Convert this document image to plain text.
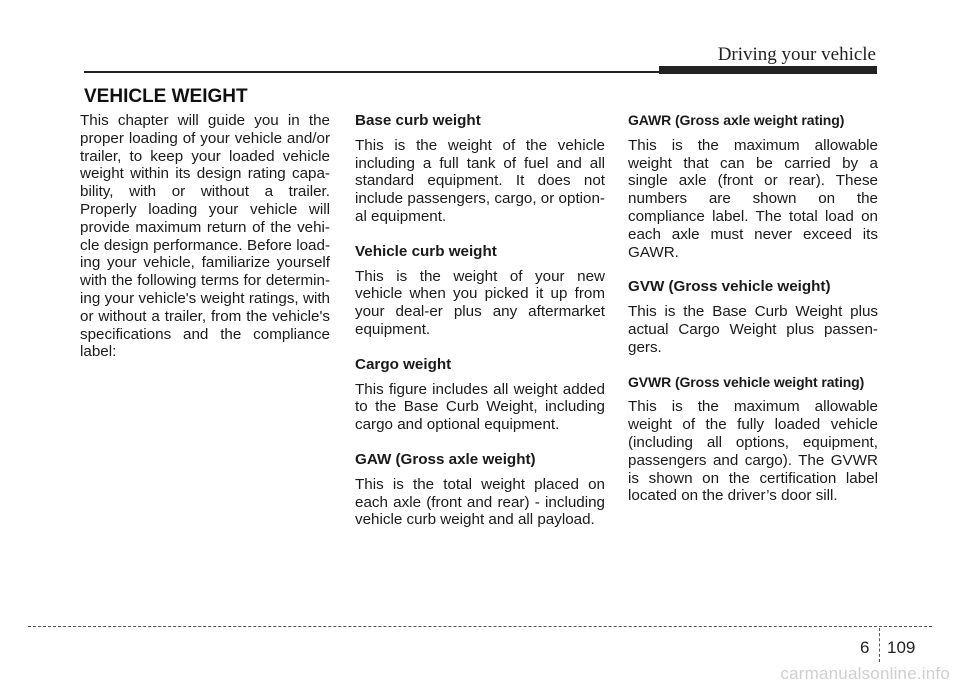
Driving your vehicle
VEHICLE WEIGHT

This chapter will guide you in the proper loading of your vehicle and/or trailer, to keep your loaded vehicle weight within its design rating capa-bility, with or without a trailer. Properly loading your vehicle will provide maximum return of the vehi-cle design performance. Before load-ing your vehicle, familiarize yourself with the following terms for determin-ing your vehicle's weight ratings, with or without a trailer, from the vehicle's specifications and the compliance label:

Base curb weight

This is the weight of the vehicle including a full tank of fuel and all standard equipment. It does not include passengers, cargo, or option-al equipment.

Vehicle curb weight

This is the weight of your new vehicle when you picked it up from your deal-er plus any aftermarket equipment.

Cargo weight

This figure includes all weight added to the Base Curb Weight, including cargo and optional equipment.

GAW (Gross axle weight)

This is the total weight placed on each axle (front and rear) - including vehicle curb weight and all payload.

GAWR (Gross axle weight rating)

This is the maximum allowable weight that can be carried by a single axle (front or rear). These numbers are shown on the compliance label. The total load on each axle must never exceed its GAWR.

GVW (Gross vehicle weight)

This is the Base Curb Weight plus actual Cargo Weight plus passen-gers.

GVWR (Gross vehicle weight rating)

This is the maximum allowable weight of the fully loaded vehicle (including all options, equipment, passengers and cargo). The GVWR is shown on the certification label located on the driver’s door sill.

6 109
carmanualsonline.info
